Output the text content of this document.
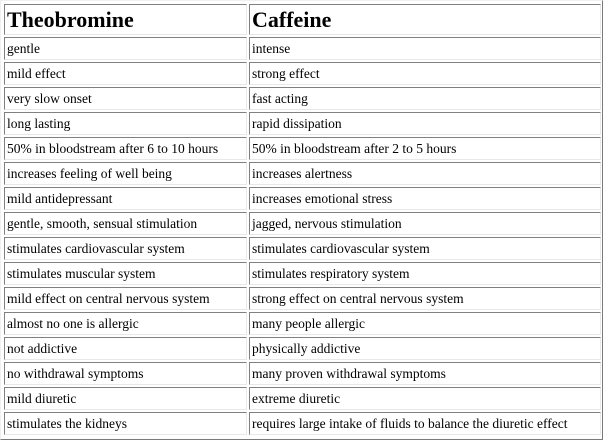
Theobromine	Caffeine
gentle	intense
mild effect	strong effect
very slow onset	fast acting
long lasting	rapid dissipation
50% in bloodstream after 6 to 10 hours	50% in bloodstream after 2 to 5 hours
increases feeling of well being	increases alertness
mild antidepressant	increases emotional stress
gentle, smooth, sensual stimulation	jagged, nervous stimulation
stimulates cardiovascular system	stimulates cardiovascular system
stimulates muscular system	stimulates respiratory system
mild effect on central nervous system	strong effect on central nervous system
almost no one is allergic	many people allergic
not addictive	physically addictive
no withdrawal symptoms	many proven withdrawal symptoms
mild diuretic	extreme diuretic
stimulates the kidneys	requires large intake of fluids to balance the diuretic effect
